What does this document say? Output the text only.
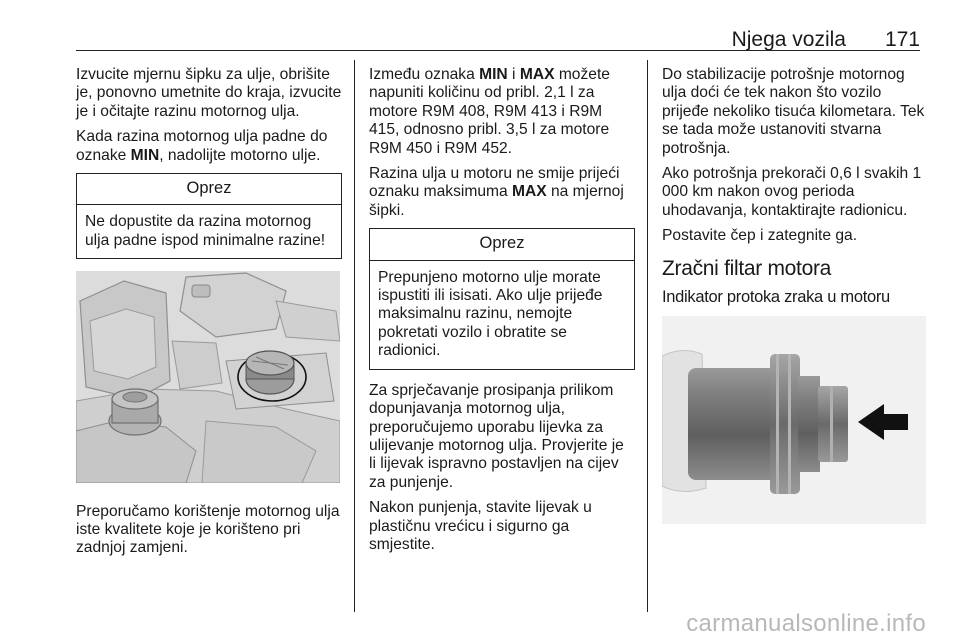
Njega vozila 171

Izvucite mjernu šipku za ulje, obrišite je, ponovno umetnite do kraja, izvucite je i očitajte razinu motornog ulja.

Kada razina motornog ulja padne do oznake MIN, nadolijte motorno ulje.

Oprez
Ne dopustite da razina motornog ulja padne ispod minimalne razine!

Preporučamo korištenje motornog ulja iste kvalitete koje je korišteno pri zadnjoj zamjeni.

Između oznaka MIN i MAX možete napuniti količinu od pribl. 2,1 l za motore R9M 408, R9M 413 i R9M 415, odnosno pribl. 3,5 l za motore R9M 450 i R9M 452.

Razina ulja u motoru ne smije prijeći oznaku maksimuma MAX na mjernoj šipki.

Oprez
Prepunjeno motorno ulje morate ispustiti ili isisati. Ako ulje prijeđe maksimalnu razinu, nemojte pokretati vozilo i obratite se radionici.

Za sprječavanje prosipanja prilikom dopunjavanja motornog ulja, preporučujemo uporabu lijevka za ulijevanje motornog ulja. Provjerite je li lijevak ispravno postavljen na cijev za punjenje.

Nakon punjenja, stavite lijevak u plastičnu vrećicu i sigurno ga smjestite.

Do stabilizacije potrošnje motornog ulja doći će tek nakon što vozilo prijeđe nekoliko tisuća kilometara. Tek se tada može ustanoviti stvarna potrošnja.

Ako potrošnja prekorači 0,6 l svakih 1 000 km nakon ovog perioda uhodavanja, kontaktirajte radionicu.

Postavite čep i zategnite ga.

Zračni filtar motora
Indikator protoka zraka u motoru
carmanualsonline.info
